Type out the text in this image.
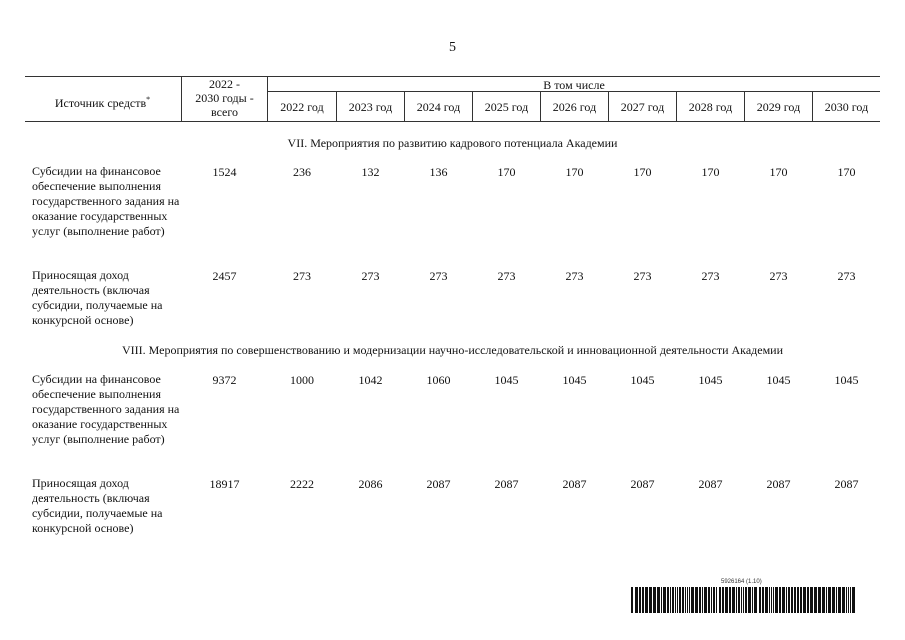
5
Источник средств*
2022 -
2030 годы -
всего
В том числе
2022 год	2023 год	2024 год	2025 год	2026 год	2027 год	2028 год	2029 год	2030 год
VII. Мероприятия по развитию кадрового потенциала Академии
Субсидии на финансовое обеспечение выполнения государственного задания на оказание государственных услуг (выполнение работ)
1524	236	132	136	170	170	170	170	170	170
Приносящая доход деятельность (включая субсидии, получаемые на конкурсной основе)
2457	273	273	273	273	273	273	273	273	273
VIII. Мероприятия по совершенствованию и модернизации научно-исследовательской и инновационной деятельности Академии
Субсидии на финансовое обеспечение выполнения государственного задания на оказание государственных услуг (выполнение работ)
9372	1000	1042	1060	1045	1045	1045	1045	1045	1045
Приносящая доход деятельность (включая субсидии, получаемые на конкурсной основе)
18917	2222	2086	2087	2087	2087	2087	2087	2087	2087
5926164 (1.10)
